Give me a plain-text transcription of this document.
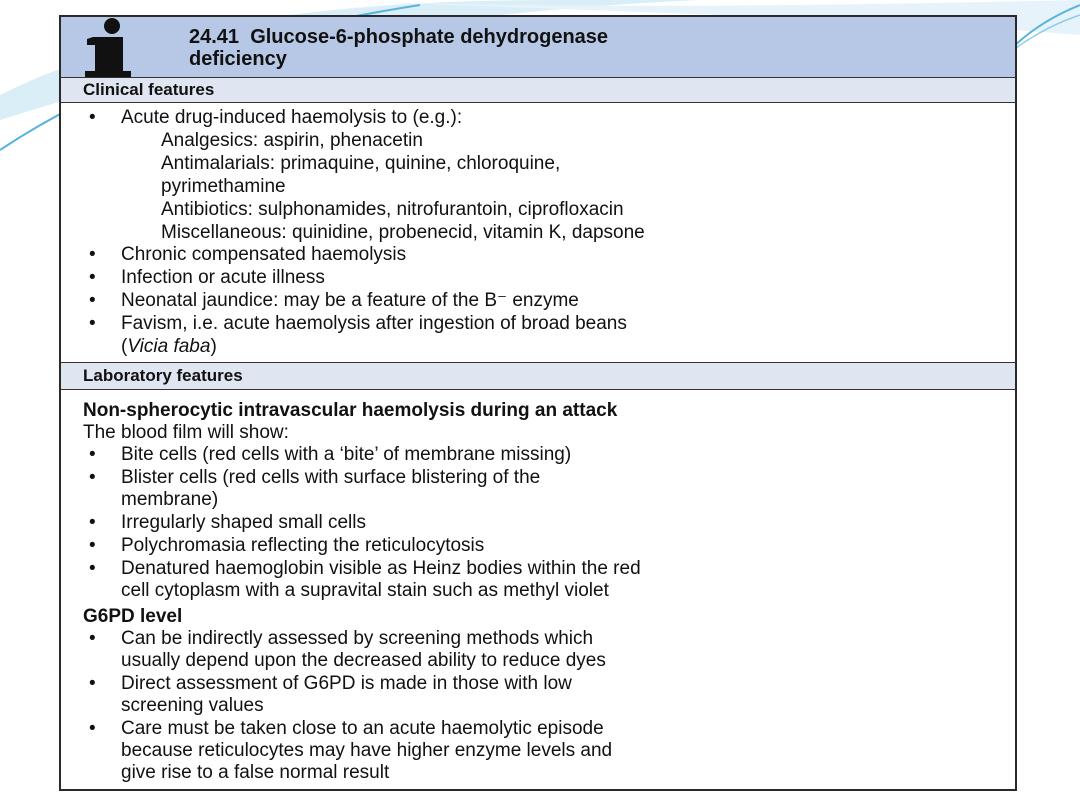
24.41 Glucose-6-phosphate dehydrogenase
deficiency
Clinical features
• Acute drug-induced haemolysis to (e.g.):
Analgesics: aspirin, phenacetin
Antimalarials: primaquine, quinine, chloroquine,
pyrimethamine
Antibiotics: sulphonamides, nitrofurantoin, ciprofloxacin
Miscellaneous: quinidine, probenecid, vitamin K, dapsone
• Chronic compensated haemolysis
• Infection or acute illness
• Neonatal jaundice: may be a feature of the B⁻ enzyme
• Favism, i.e. acute haemolysis after ingestion of broad beans
(Vicia faba)
Laboratory features
Non-spherocytic intravascular haemolysis during an attack
The blood film will show:
• Bite cells (red cells with a ‘bite’ of membrane missing)
• Blister cells (red cells with surface blistering of the
membrane)
• Irregularly shaped small cells
• Polychromasia reflecting the reticulocytosis
• Denatured haemoglobin visible as Heinz bodies within the red
cell cytoplasm with a supravital stain such as methyl violet
G6PD level
• Can be indirectly assessed by screening methods which
usually depend upon the decreased ability to reduce dyes
• Direct assessment of G6PD is made in those with low
screening values
• Care must be taken close to an acute haemolytic episode
because reticulocytes may have higher enzyme levels and
give rise to a false normal result
